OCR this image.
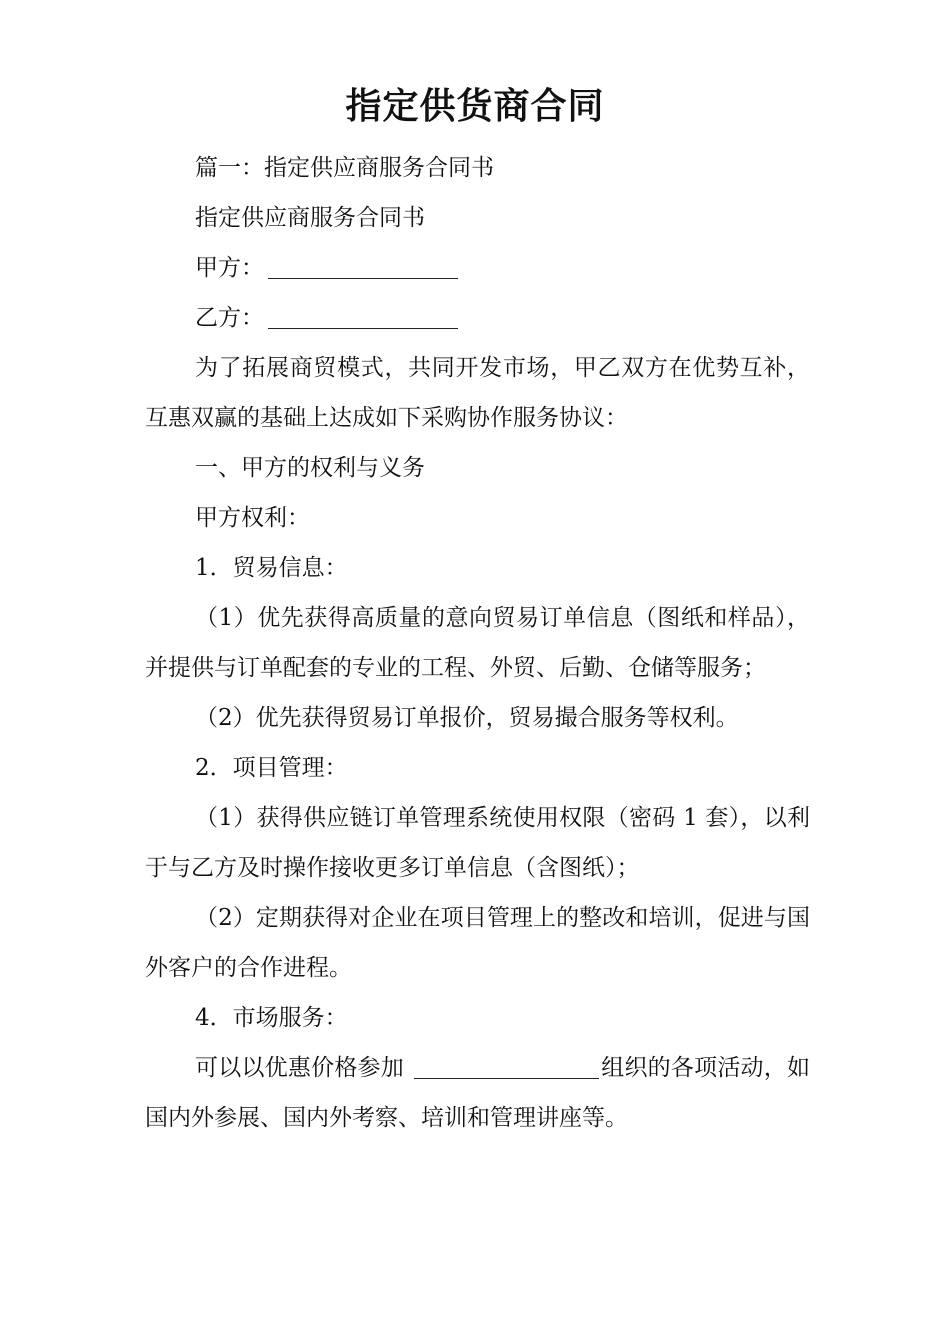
指定供货商合同

篇一：指定供应商服务合同书

指定供应商服务合同书

甲方：

乙方：

为了拓展商贸模式，共同开发市场，甲乙双方在优势互补，互惠双赢的基础上达成如下采购协作服务协议：

一、甲方的权利与义务

甲方权利：

1．贸易信息：

（1）优先获得高质量的意向贸易订单信息（图纸和样品），并提供与订单配套的专业的工程、外贸、后勤、仓储等服务；

（2）优先获得贸易订单报价，贸易撮合服务等权利。

2．项目管理：

（1）获得供应链订单管理系统使用权限（密码 1 套），以利于与乙方及时操作接收更多订单信息（含图纸）；

（2）定期获得对企业在项目管理上的整改和培训，促进与国外客户的合作进程。

4．市场服务：

可以以优惠价格参加	组织的各项活动，如国内外参展、国内外考察、培训和管理讲座等。
